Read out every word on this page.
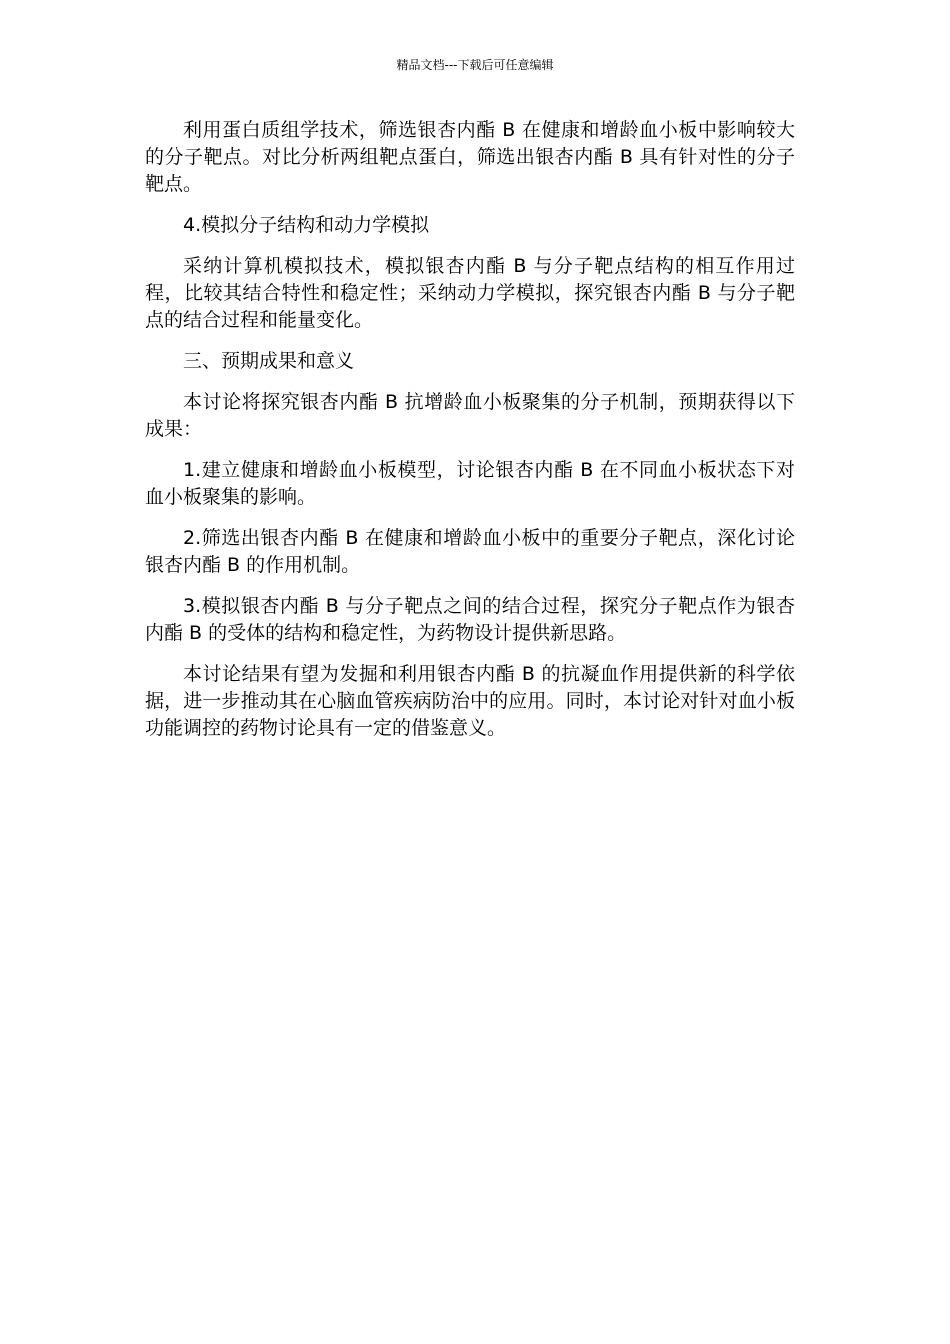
精品文档---下载后可任意编辑

利用蛋白质组学技术，筛选银杏内酯 B 在健康和增龄血小板中影响较大的分子靶点。对比分析两组靶点蛋白，筛选出银杏内酯 B 具有针对性的分子靶点。

4.模拟分子结构和动力学模拟

采纳计算机模拟技术，模拟银杏内酯 B 与分子靶点结构的相互作用过程，比较其结合特性和稳定性；采纳动力学模拟，探究银杏内酯 B 与分子靶点的结合过程和能量变化。

三、预期成果和意义

本讨论将探究银杏内酯 B 抗增龄血小板聚集的分子机制，预期获得以下成果：

1.建立健康和增龄血小板模型，讨论银杏内酯 B 在不同血小板状态下对血小板聚集的影响。

2.筛选出银杏内酯 B 在健康和增龄血小板中的重要分子靶点，深化讨论银杏内酯 B 的作用机制。

3.模拟银杏内酯 B 与分子靶点之间的结合过程，探究分子靶点作为银杏内酯 B 的受体的结构和稳定性，为药物设计提供新思路。

本讨论结果有望为发掘和利用银杏内酯 B 的抗凝血作用提供新的科学依据，进一步推动其在心脑血管疾病防治中的应用。同时，本讨论对针对血小板功能调控的药物讨论具有一定的借鉴意义。
